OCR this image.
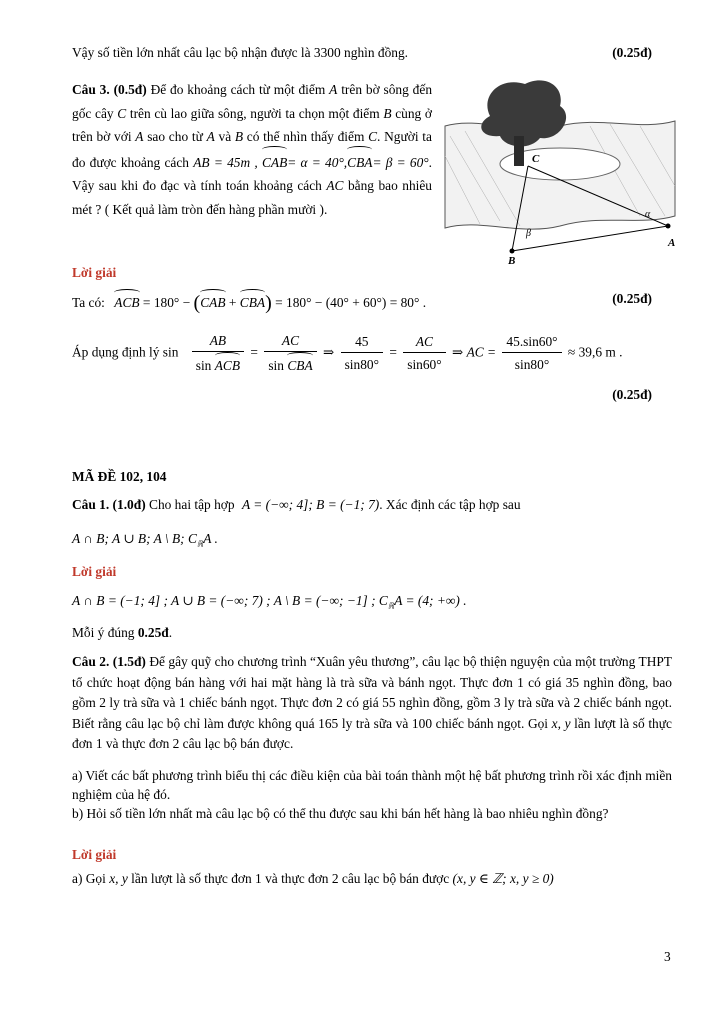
Vậy số tiền lớn nhất câu lạc bộ nhận được là 3300 nghìn đồng.	(0.25đ)
Câu 3. (0.5đ) Để đo khoảng cách từ một điểm A trên bờ sông đến gốc cây C trên cù lao giữa sông, người ta chọn một điểm B cùng ở trên bờ với A sao cho từ A và B có thể nhìn thấy điểm C. Người ta đo được khoảng cách AB = 45m , CAB= α = 40°,CBA= β = 60°. Vậy sau khi đo đạc và tính toán khoảng cách AC bằng bao nhiêu mét ? ( Kết quả làm tròn đến hàng phần mười ).
C
A
B
α
β
Lời giải
Ta có: ACB = 180° − (CAB + CBA) = 180° − (40° + 60°) = 80° .	(0.25đ)
Áp dụng định lý $\sin \frac{AB}{\text{sin ACB}} = \frac{AC}{\text{sin CBA}}$ ⇒ $\frac{45}{\sin 80^\circ} = \frac{AC}{\sin 60^\circ}$ ⇒ AC = $\frac{45.\sin 60^\circ}{\sin 80^\circ} \approx 39,6$ m .
(0.25đ)
MÃ ĐỀ 102, 104
Câu 1. (1.0đ) Cho hai tập hợp A = (−∞; 4]; B = (−1; 7). Xác định các tập hợp sau
A ∩ B; A ∪ B; A \ B; $C_ℝA$ .
Lời giải
A ∩ B = (−1; 4] ; A ∪ B = (−∞; 7) ; A \ B = (−∞; −1] ; $C_ℝA = (4$; +∞) .
Mỗi ý đúng 0.25đ.
Câu 2. (1.5đ) Để gây quỹ cho chương trình “Xuân yêu thương”, câu lạc bộ thiện nguyện của một trường THPT tổ chức hoạt động bán hàng với hai mặt hàng là trà sữa và bánh ngọt. Thực đơn 1 có giá 35 nghìn đồng, bao gồm 2 ly trà sữa và 1 chiếc bánh ngọt. Thực đơn 2 có giá 55 nghìn đồng, gồm 3 ly trà sữa và 2 chiếc bánh ngọt. Biết rằng câu lạc bộ chỉ làm được không quá 165 ly trà sữa và 100 chiếc bánh ngọt. Gọi x, y lần lượt là số thực đơn 1 và thực đơn 2 câu lạc bộ bán được.
a) Viết các bất phương trình biểu thị các điều kiện của bài toán thành một hệ bất phương trình rồi xác định miền nghiệm của hệ đó.
b) Hỏi số tiền lớn nhất mà câu lạc bộ có thể thu được sau khi bán hết hàng là bao nhiêu nghìn đồng?
Lời giải
a) Gọi x, y lần lượt là số thực đơn 1 và thực đơn 2 câu lạc bộ bán được (x, y ∈ ℤ; x, y ≥ 0)
3
